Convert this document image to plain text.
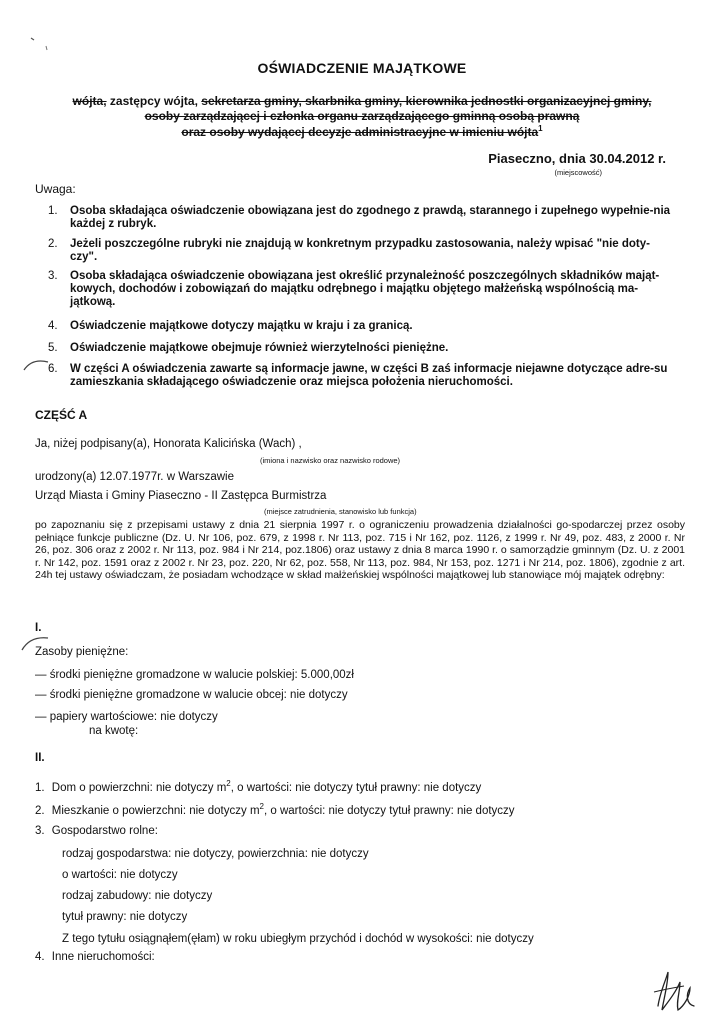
OŚWIADCZENIE MAJĄTKOWE
wójta, zastępcy wójta, sekretarza gminy, skarbnika gminy, kierownika jednostki organizacyjnej gminy,
osoby zarządzającej i członka organu zarządzającego gminną osobą prawną
oraz osoby wydającej decyzje administracyjne w imieniu wójta$^1$
Piaseczno, dnia 30.04.2012 r.
(miejscowość)
Uwaga:
1.	Osoba składająca oświadczenie obowiązana jest do zgodnego z prawdą, starannego i zupełnego wypełnie-nia każdej z rubryk.
2.	Jeżeli poszczególne rubryki nie znajdują w konkretnym przypadku zastosowania, należy wpisać "nie doty-czy".
3.	Osoba składająca oświadczenie obowiązana jest określić przynależność poszczególnych składników mająt-kowych, dochodów i zobowiązań do majątku odrębnego i majątku objętego małżeńską wspólnością ma-jątkową.
4.	Oświadczenie majątkowe dotyczy majątku w kraju i za granicą.
5.	Oświadczenie majątkowe obejmuje również wierzytelności pieniężne.
6.	W części A oświadczenia zawarte są informacje jawne, w części B zaś informacje niejawne dotyczące adre-su zamieszkania składającego oświadczenie oraz miejsca położenia nieruchomości.
CZĘŚĆ A
Ja, niżej podpisany(a), Honorata Kalicińska (Wach) ,
(imiona i nazwisko oraz nazwisko rodowe)
urodzony(a) 12.07.1977r. w Warszawie
Urząd Miasta i Gminy Piaseczno - II Zastępca Burmistrza
(miejsce zatrudnienia, stanowisko lub funkcja)
po zapoznaniu się z przepisami ustawy z dnia 21 sierpnia 1997 r. o ograniczeniu prowadzenia działalności go-spodarczej przez osoby pełniące funkcje publiczne (Dz. U. Nr 106, poz. 679, z 1998 r. Nr 113, poz. 715 i Nr 162, poz. 1126, z 1999 r. Nr 49, poz. 483, z 2000 r. Nr 26, poz. 306 oraz z 2002 r. Nr 113, poz. 984 i Nr 214, poz.1806) oraz ustawy z dnia 8 marca 1990 r. o samorządzie gminnym (Dz. U. z 2001 r. Nr 142, poz. 1591 oraz z 2002 r. Nr 23, poz. 220, Nr 62, poz. 558, Nr 113, poz. 984, Nr 153, poz. 1271 i Nr 214, poz. 1806), zgodnie z art. 24h tej ustawy oświadczam, że posiadam wchodzące w skład małżeńskiej wspólności majątkowej lub stanowiące mój majątek odrębny:
I.
Zasoby pieniężne:
— środki pieniężne gromadzone w walucie polskiej: 5.000,00zł
— środki pieniężne gromadzone w walucie obcej: nie dotyczy
— papiery wartościowe: nie dotyczy
na kwotę:
II.
1. Dom o powierzchni: nie dotyczy $m^2$, o wartości: nie dotyczy tytuł prawny: nie dotyczy
2. Mieszkanie o powierzchni: nie dotyczy $m^2$, o wartości: nie dotyczy tytuł prawny: nie dotyczy
3. Gospodarstwo rolne:
rodzaj gospodarstwa: nie dotyczy, powierzchnia: nie dotyczy
o wartości: nie dotyczy
rodzaj zabudowy: nie dotyczy
tytuł prawny: nie dotyczy
Z tego tytułu osiągnąłem(ęłam) w roku ubiegłym przychód i dochód w wysokości: nie dotyczy
4. Inne nieruchomości:
